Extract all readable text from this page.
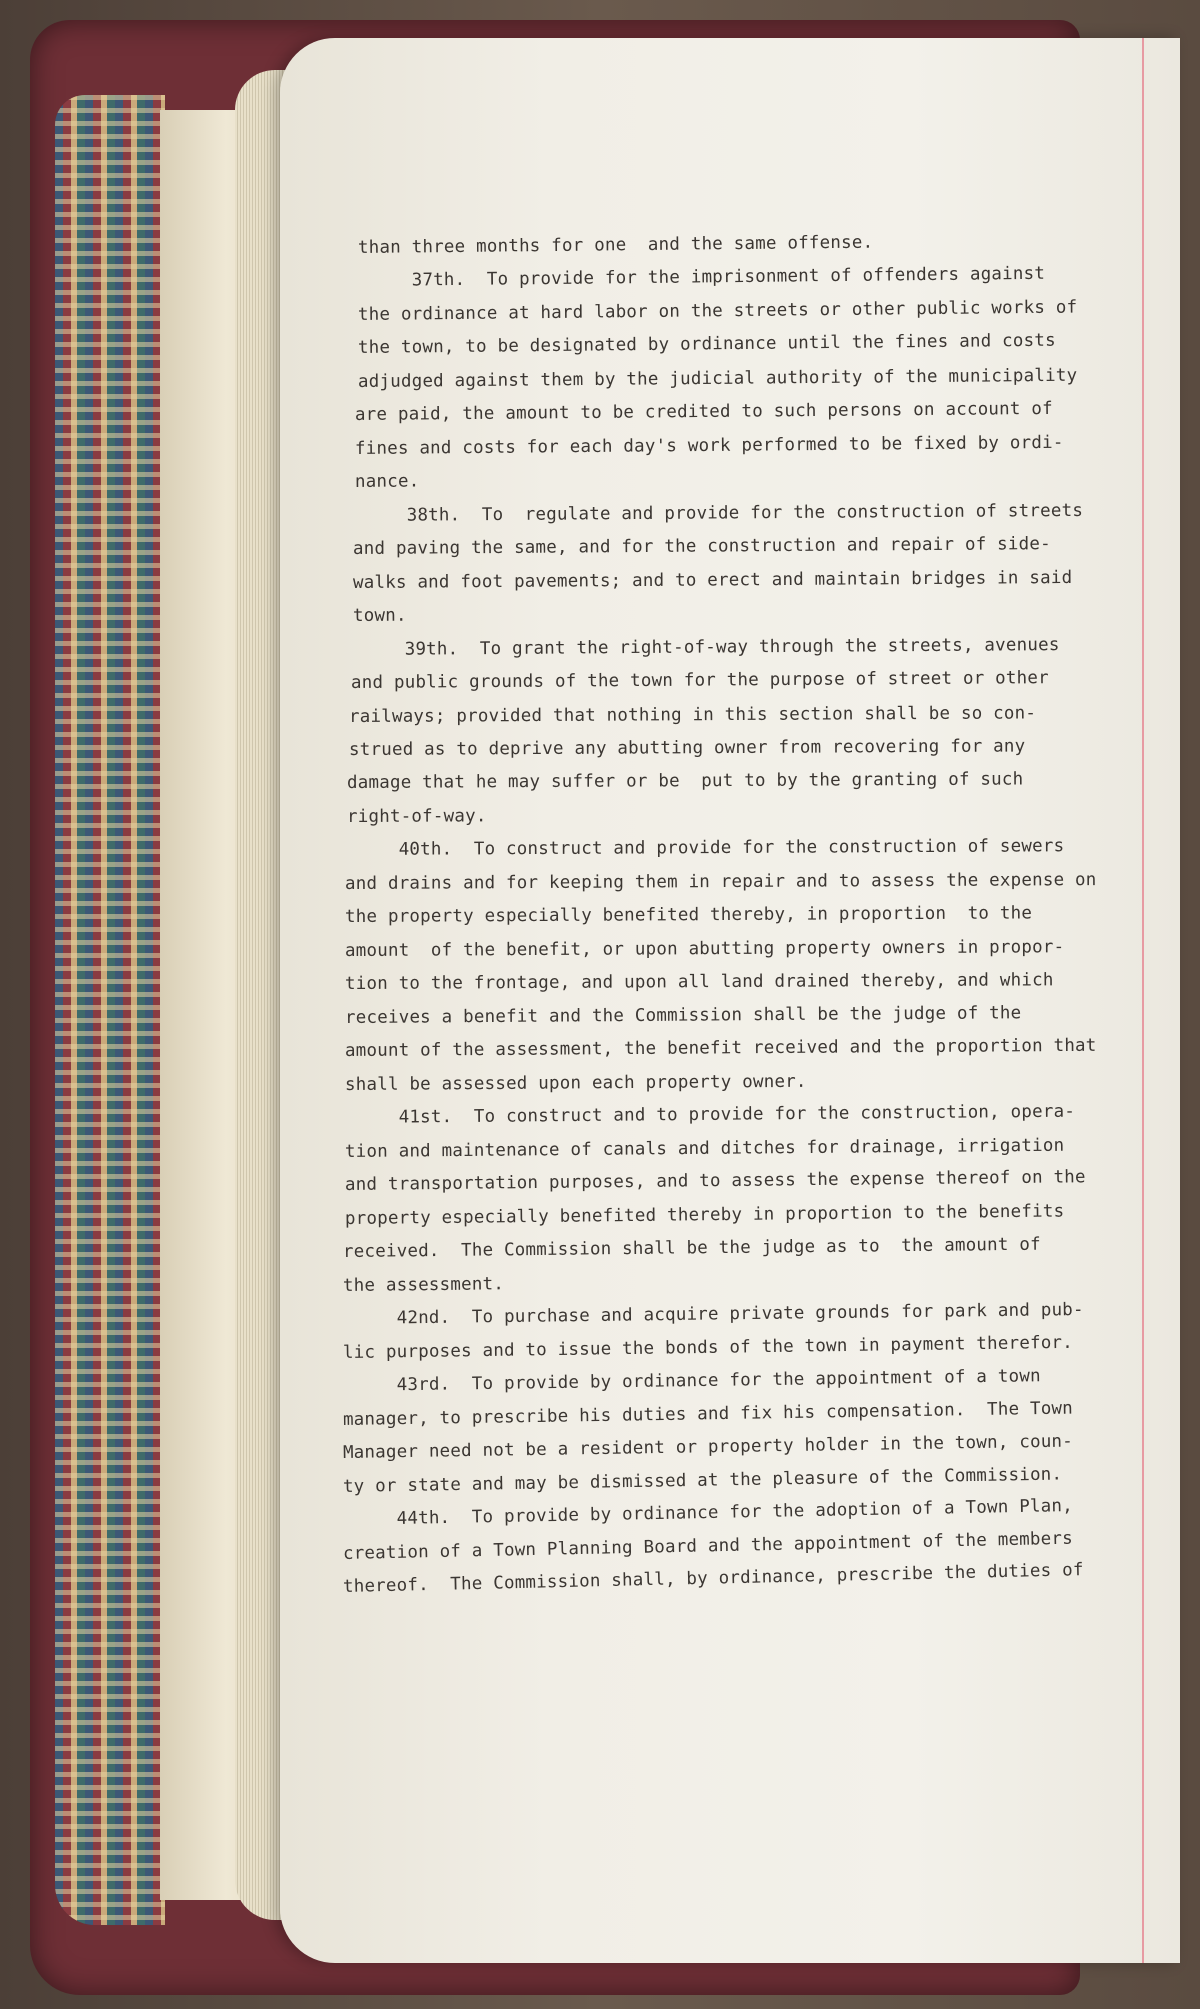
than three months for one  and the same offense.
37th.  To provide for the imprisonment of offenders against
the ordinance at hard labor on the streets or other public works of
the town, to be designated by ordinance until the fines and costs
adjudged against them by the judicial authority of the municipality
are paid, the amount to be credited to such persons on account of
fines and costs for each day's work performed to be fixed by ordi-
nance.
38th.  To  regulate and provide for the construction of streets
and paving the same, and for the construction and repair of side-
walks and foot pavements; and to erect and maintain bridges in said
town.
39th.  To grant the right-of-way through the streets, avenues
and public grounds of the town for the purpose of street or other
railways; provided that nothing in this section shall be so con-
strued as to deprive any abutting owner from recovering for any
damage that he may suffer or be  put to by the granting of such
right-of-way.
40th.  To construct and provide for the construction of sewers
and drains and for keeping them in repair and to assess the expense on
the property especially benefited thereby, in proportion  to the
amount  of the benefit, or upon abutting property owners in propor-
tion to the frontage, and upon all land drained thereby, and which
receives a benefit and the Commission shall be the judge of the
amount of the assessment, the benefit received and the proportion that
shall be assessed upon each property owner.
41st.  To construct and to provide for the construction, opera-
tion and maintenance of canals and ditches for drainage, irrigation
and transportation purposes, and to assess the expense thereof on the
property especially benefited thereby in proportion to the benefits
received.  The Commission shall be the judge as to  the amount of
the assessment.
42nd.  To purchase and acquire private grounds for park and pub-
lic purposes and to issue the bonds of the town in payment therefor.
43rd.  To provide by ordinance for the appointment of a town
manager, to prescribe his duties and fix his compensation.  The Town
Manager need not be a resident or property holder in the town, coun-
ty or state and may be dismissed at the pleasure of the Commission.
44th.  To provide by ordinance for the adoption of a Town Plan,
creation of a Town Planning Board and the appointment of the members
thereof.  The Commission shall, by ordinance, prescribe the duties of
